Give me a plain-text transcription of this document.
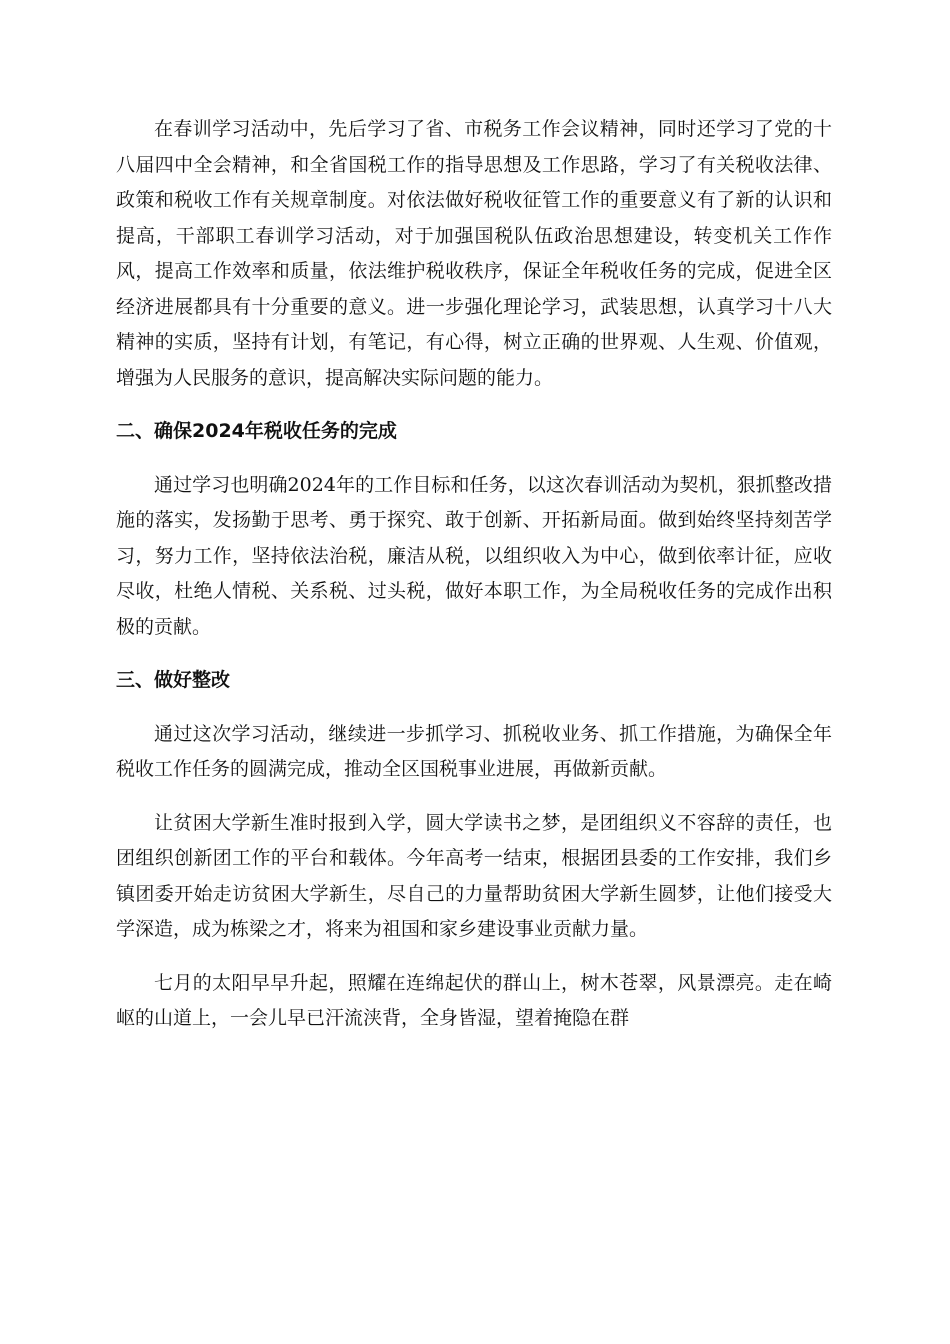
在春训学习活动中，先后学习了省、市税务工作会议精神，同时还学习了党的十八届四中全会精神，和全省国税工作的指导思想及工作思路，学习了有关税收法律、政策和税收工作有关规章制度。对依法做好税收征管工作的重要意义有了新的认识和提高，干部职工春训学习活动，对于加强国税队伍政治思想建设，转变机关工作作风，提高工作效率和质量，依法维护税收秩序，保证全年税收任务的完成，促进全区经济进展都具有十分重要的意义。进一步强化理论学习，武装思想，认真学习十八大精神的实质，坚持有计划，有笔记，有心得，树立正确的世界观、人生观、价值观，增强为人民服务的意识，提高解决实际问题的能力。

二、确保2024年税收任务的完成

通过学习也明确2024年的工作目标和任务，以这次春训活动为契机，狠抓整改措施的落实，发扬勤于思考、勇于探究、敢于创新、开拓新局面。做到始终坚持刻苦学习，努力工作，坚持依法治税，廉洁从税，以组织收入为中心，做到依率计征，应收尽收，杜绝人情税、关系税、过头税，做好本职工作，为全局税收任务的完成作出积极的贡献。

三、做好整改

通过这次学习活动，继续进一步抓学习、抓税收业务、抓工作措施，为确保全年税收工作任务的圆满完成，推动全区国税事业进展，再做新贡献。

让贫困大学新生准时报到入学，圆大学读书之梦，是团组织义不容辞的责任，也团组织创新团工作的平台和载体。今年高考一结束，根据团县委的工作安排，我们乡镇团委开始走访贫困大学新生，尽自己的力量帮助贫困大学新生圆梦，让他们接受大学深造，成为栋梁之才，将来为祖国和家乡建设事业贡献力量。

七月的太阳早早升起，照耀在连绵起伏的群山上，树木苍翠，风景漂亮。走在崎岖的山道上，一会儿早已汗流浃背，全身皆湿，望着掩隐在群
